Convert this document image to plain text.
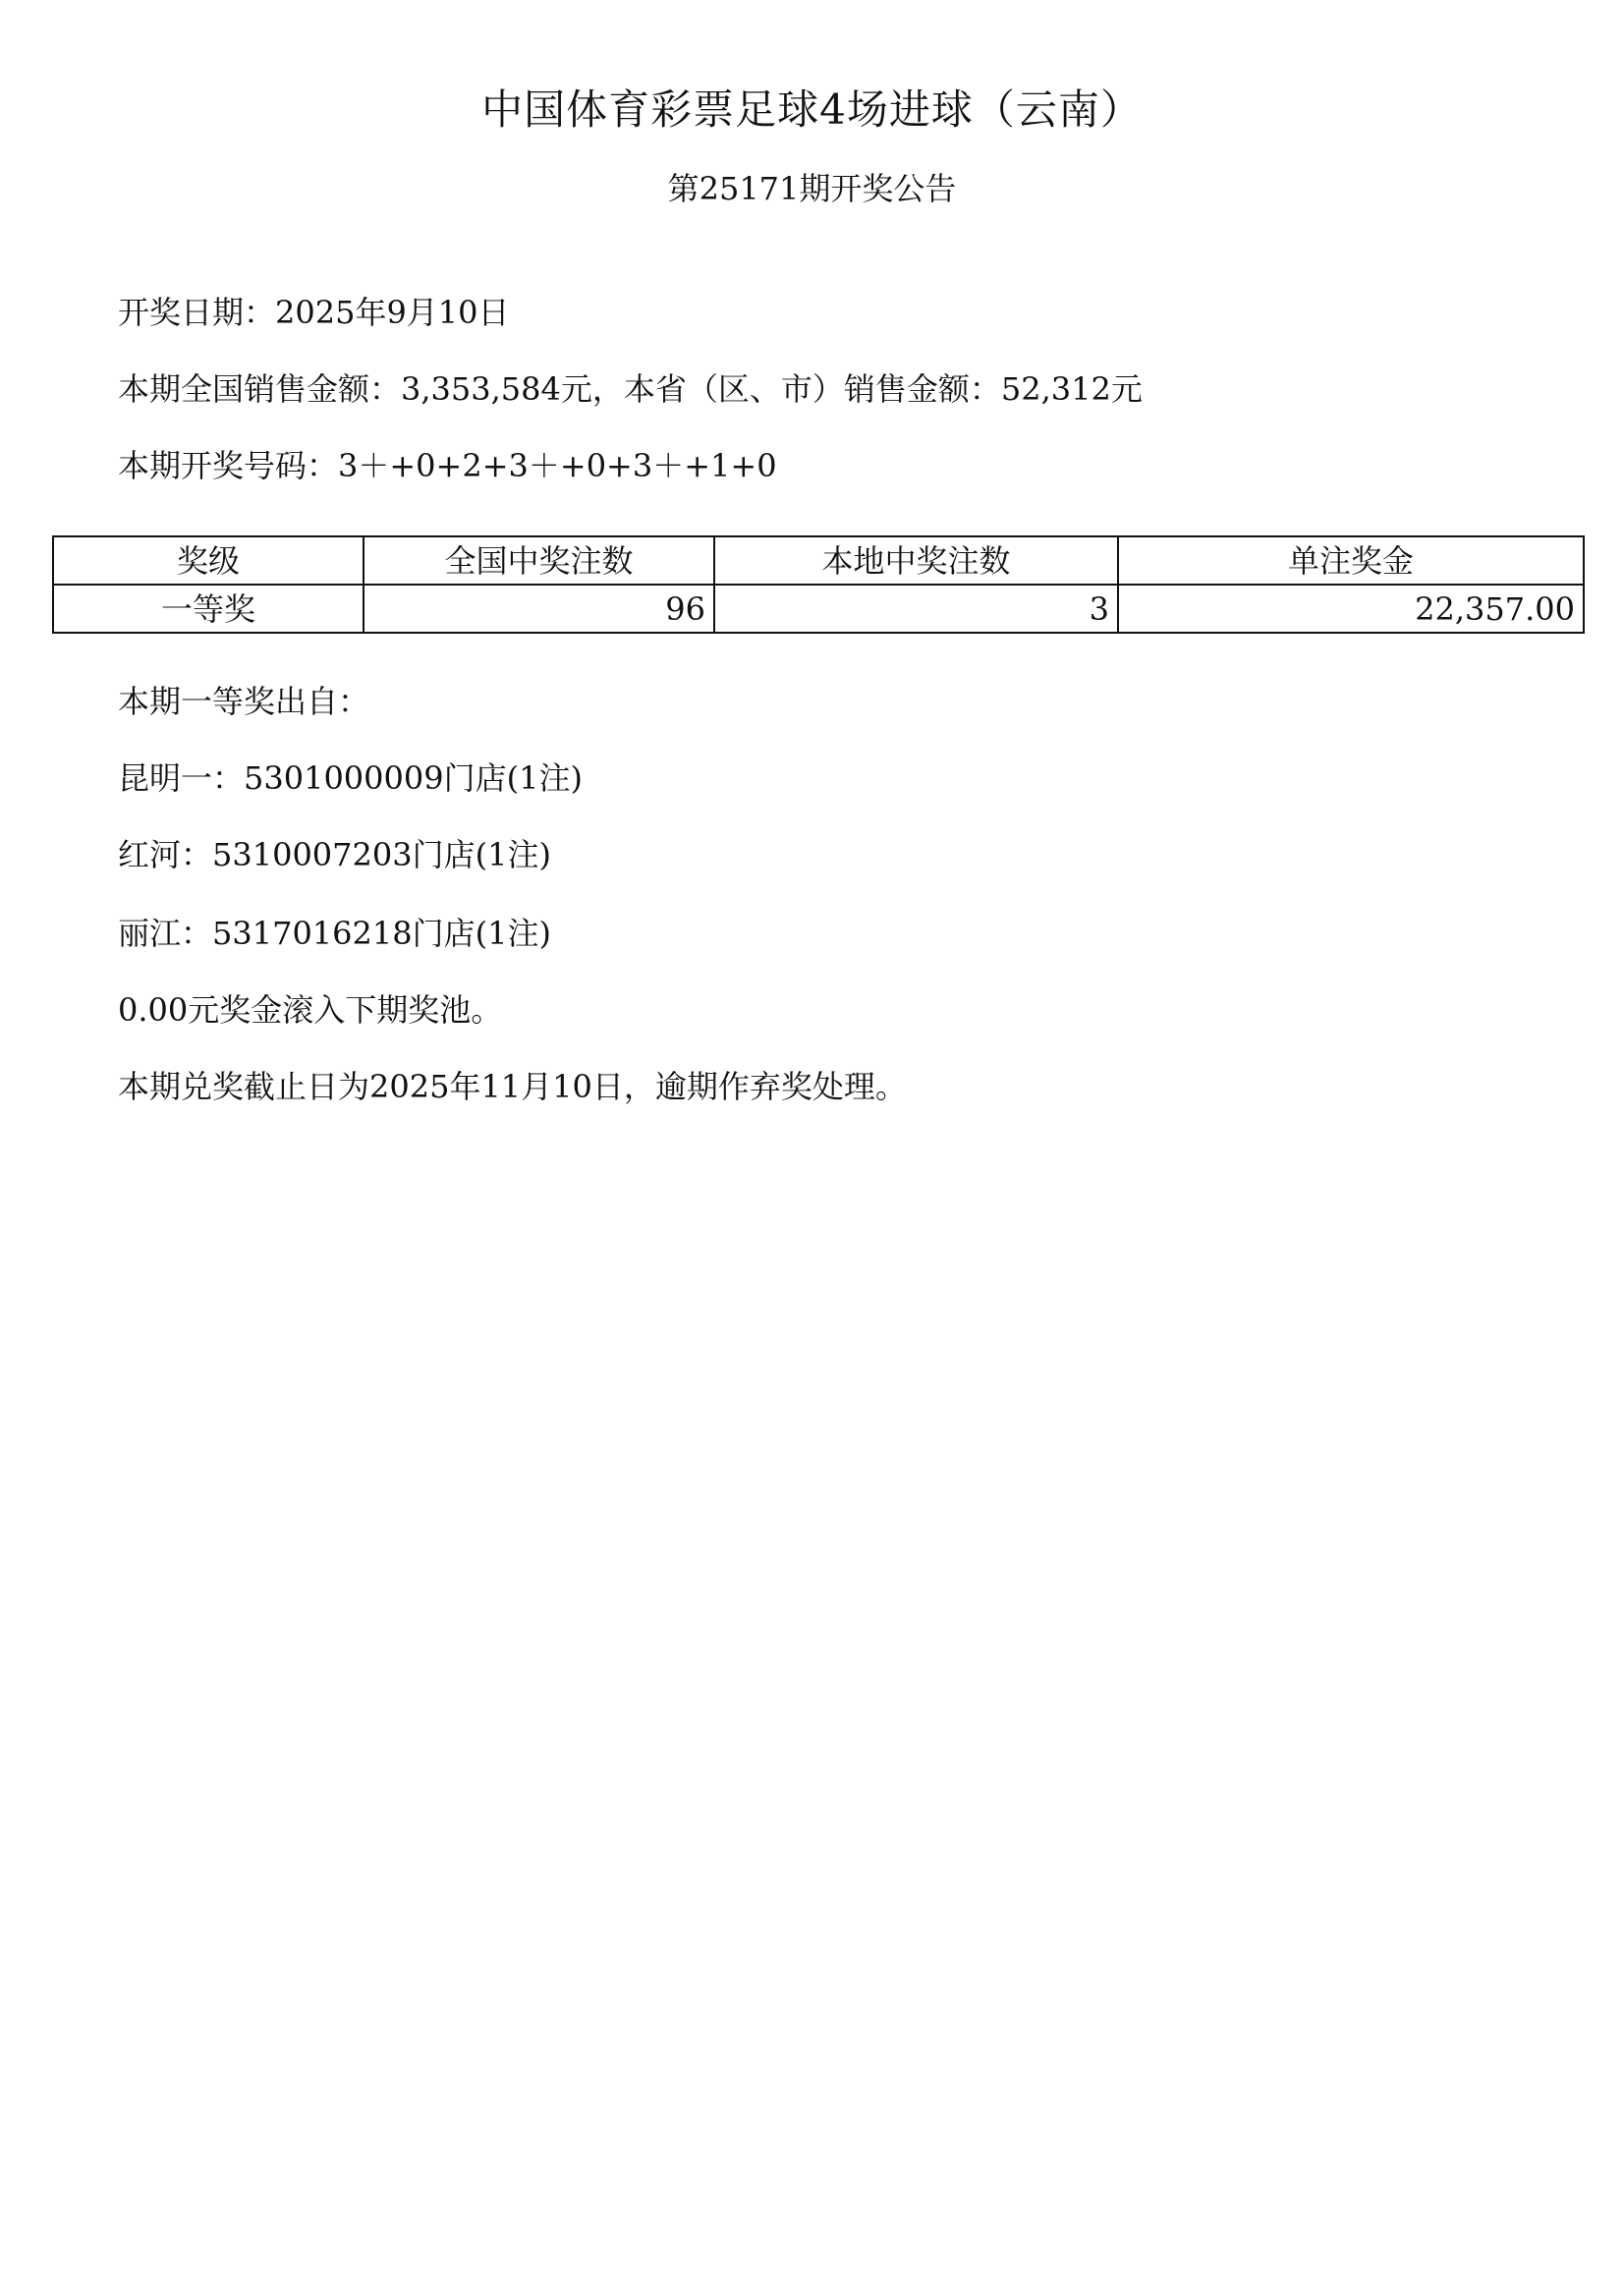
中国体育彩票足球4场进球（云南）
第25171期开奖公告
开奖日期：2025年9月10日
本期全国销售金额：3,353,584元，本省（区、市）销售金额：52,312元
本期开奖号码：3＋+0+2+3＋+0+3＋+1+0
奖级	全国中奖注数	本地中奖注数	单注奖金
一等奖	96	3	22,357.00
本期一等奖出自：
昆明一：5301000009门店(1注)
红河：5310007203门店(1注)
丽江：5317016218门店(1注)
0.00元奖金滚入下期奖池。
本期兑奖截止日为2025年11月10日，逾期作弃奖处理。
